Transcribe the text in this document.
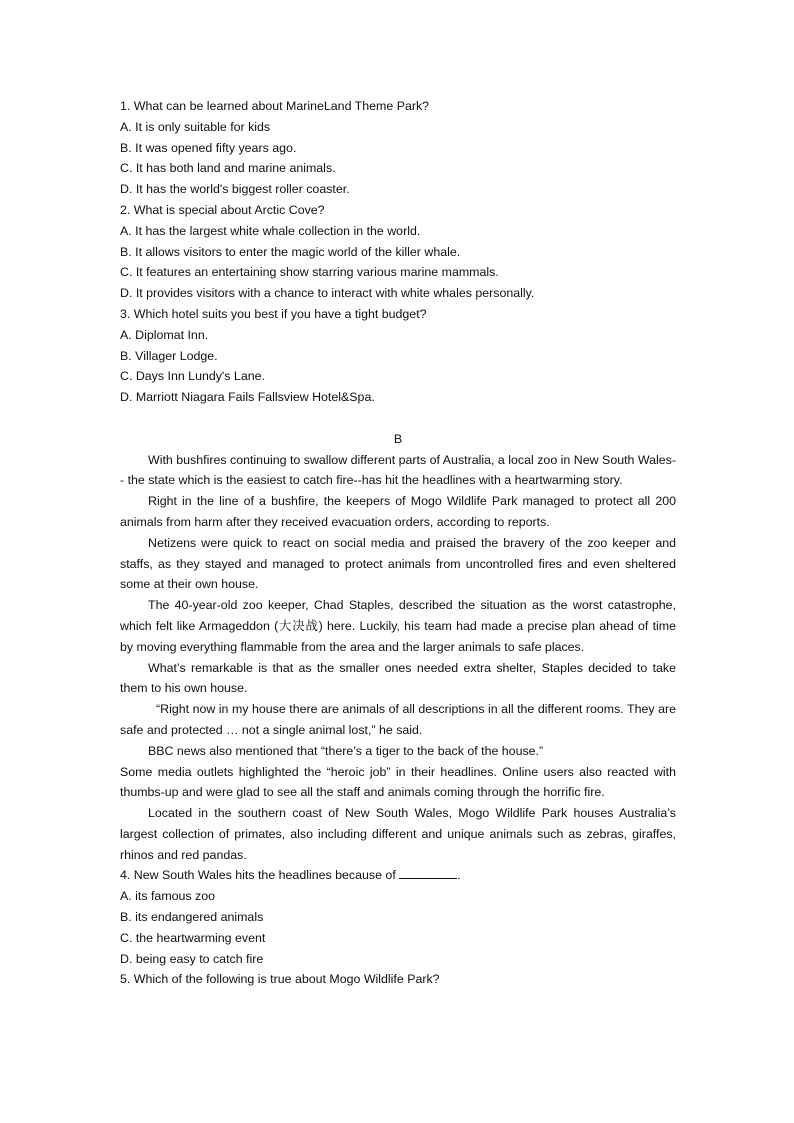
1. What can be learned about MarineLand Theme Park?
A. It is only suitable for kids
B. It was opened fifty years ago.
C. It has both land and marine animals.
D. It has the world's biggest roller coaster.
2. What is special about Arctic Cove?
A. It has the largest white whale collection in the world.
B. It allows visitors to enter the magic world of the killer whale.
C. It features an entertaining show starring various marine mammals.
D. It provides visitors with a chance to interact with white whales personally.
3. Which hotel suits you best if you have a tight budget?
A. Diplomat Inn.
B. Villager Lodge.
C. Days Inn Lundy's Lane.
D. Marriott Niagara Fails Fallsview Hotel&Spa.
B
With bushfires continuing to swallow different parts of Australia, a local zoo in New South Wales-- the state which is the easiest to catch fire--has hit the headlines with a heartwarming story.
Right in the line of a bushfire, the keepers of Mogo Wildlife Park managed to protect all 200 animals from harm after they received evacuation orders, according to reports.
Netizens were quick to react on social media and praised the bravery of the zoo keeper and staffs, as they stayed and managed to protect animals from uncontrolled fires and even sheltered some at their own house.
The 40-year-old zoo keeper, Chad Staples, described the situation as the worst catastrophe, which felt like Armageddon (大决战) here. Luckily, his team had made a precise plan ahead of time by moving everything flammable from the area and the larger animals to safe places.
What’s remarkable is that as the smaller ones needed extra shelter, Staples decided to take them to his own house.
“Right now in my house there are animals of all descriptions in all the different rooms. They are safe and protected … not a single animal lost,” he said.
BBC news also mentioned that “there’s a tiger to the back of the house.”
Some media outlets highlighted the “heroic job” in their headlines. Online users also reacted with thumbs-up and were glad to see all the staff and animals coming through the horrific fire.
Located in the southern coast of New South Wales, Mogo Wildlife Park houses Australia’s largest collection of primates, also including different and unique animals such as zebras, giraffes, rhinos and red pandas.
4. New South Wales hits the headlines because of	.
A. its famous zoo
B. its endangered animals
C. the heartwarming event
D. being easy to catch fire
5. Which of the following is true about Mogo Wildlife Park?
